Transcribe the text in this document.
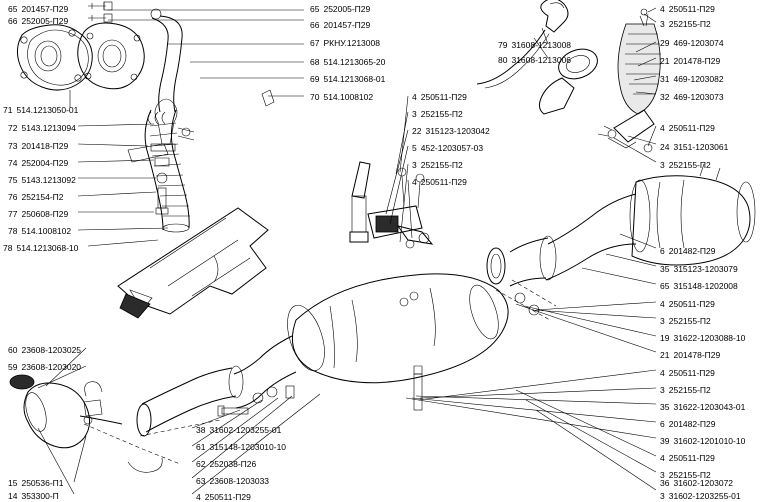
65 201457-П29
66 252005-П29
71 514.1213050-01
72 5143.1213094
73 201418-П29
74 252004-П29
75 5143.1213092
76 252154-П2
77 250608-П29
78 514.1008102
78 514.1213068-10
60 23608-1203025
59 23608-1203020
15 250536-П1
14 353300-П
65 252005-П29
66 201457-П29
67 РКНУ.1213008
68 514.1213065-20
69 514.1213068-01
70 514.1008102
38 31602-1203255-01
61 315148-1203010-10
62 252038-П26
63 23608-1203033
4 250511-П29
4 250511-П29
3 252155-П2
22 315123-1203042
5 452-1203057-03
3 252155-П2
4 250511-П29
79 31608-1213008
80 31608-1213006
4 250511-П29
3 252155-П2
29 469-1203074
21 201478-П29
31 469-1203082
32 469-1203073
4 250511-П29
24 3151-1203061
3 252155-П2
6 201482-П29
35 315123-1203079
65 315148-1202008
4 250511-П29
3 252155-П2
19 31622-1203088-10
21 201478-П29
4 250511-П29
3 252155-П2
35 31622-1203043-01
6 201482-П29
39 31602-1201010-10
4 250511-П29
3 252155-П2
36 31602-1203072
3 31602-1203255-01
